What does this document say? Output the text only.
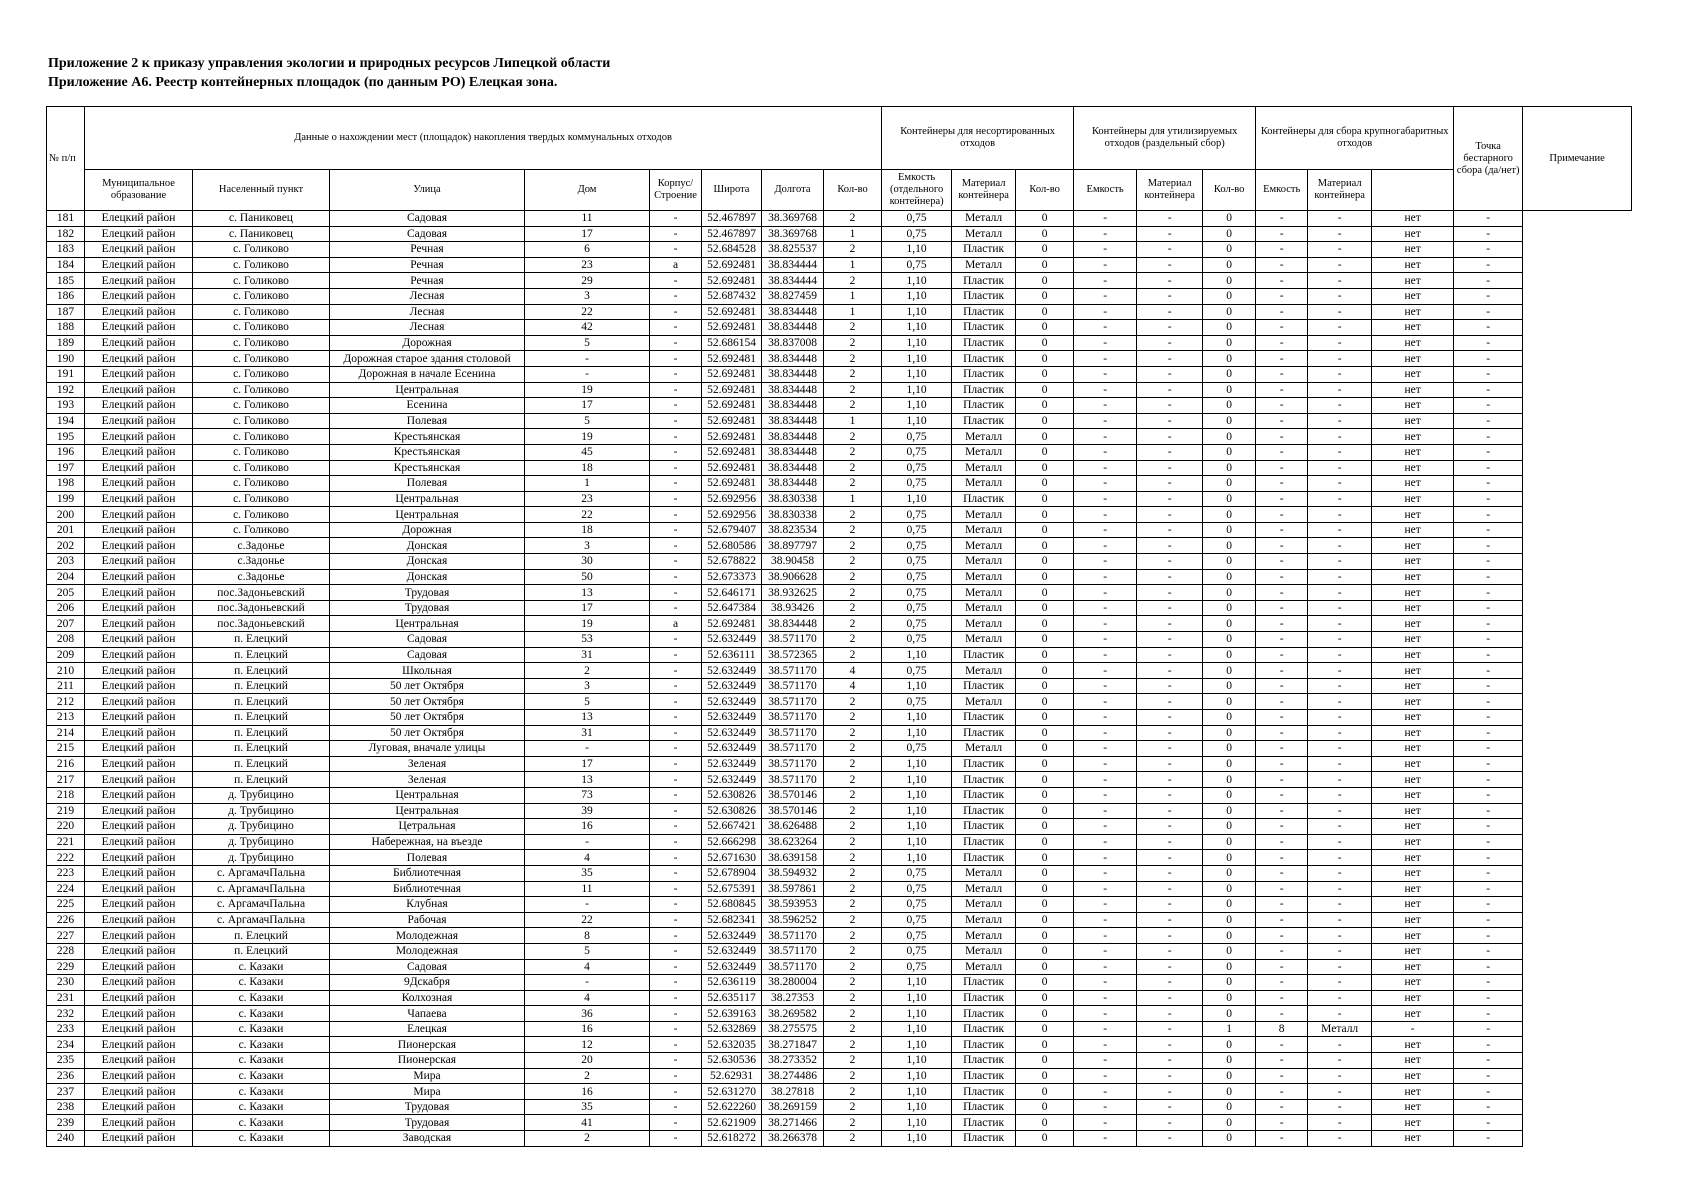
Приложение 2 к приказу управления экологии и природных ресурсов Липецкой области
Приложение А6. Реестр контейнерных площадок (по данным РО) Елецкая зона.
№ п/п	Данные о нахождении мест (площадок) накопления твердых коммунальных отходов								Контейнеры для несортированных отходов			Контейнеры для утилизируемых отходов (раздельный сбор)			Контейнеры для сбора крупногабаритных отходов			Точка бестарного сбора (да/нет)	Примечание
	Муниципальное образование	Населенный пункт	Улица	Дом	Корпус/ Строение	Широта	Долгота	Кол-во	Емкость (отдельного контейнера)	Материал контейнера	Кол-во	Емкость	Материал контейнера	Кол-во	Емкость	Материал контейнера			
181	Елецкий район	с. Паниковец	Садовая	11	-	52.467897	38.369768	2	0,75	Металл	0	-	-	0	-	-	нет	-	
182	Елецкий район	с. Паниковец	Садовая	17	-	52.467897	38.369768	1	0,75	Металл	0	-	-	0	-	-	нет	-	
183	Елецкий район	с. Голиково	Речная	6	-	52.684528	38.825537	2	1,10	Пластик	0	-	-	0	-	-	нет	-	
184	Елецкий район	с. Голиково	Речная	23	а	52.692481	38.834444	1	0,75	Металл	0	-	-	0	-	-	нет	-	
185	Елецкий район	с. Голиково	Речная	29	-	52.692481	38.834444	2	1,10	Пластик	0	-	-	0	-	-	нет	-	
186	Елецкий район	с. Голиково	Лесная	3	-	52.687432	38.827459	1	1,10	Пластик	0	-	-	0	-	-	нет	-	
187	Елецкий район	с. Голиково	Лесная	22	-	52.692481	38.834448	1	1,10	Пластик	0	-	-	0	-	-	нет	-	
188	Елецкий район	с. Голиково	Лесная	42	-	52.692481	38.834448	2	1,10	Пластик	0	-	-	0	-	-	нет	-	
189	Елецкий район	с. Голиково	Дорожная	5	-	52.686154	38.837008	2	1,10	Пластик	0	-	-	0	-	-	нет	-	
190	Елецкий район	с. Голиково	Дорожная старое здания столовой	-	-	52.692481	38.834448	2	1,10	Пластик	0	-	-	0	-	-	нет	-	
191	Елецкий район	с. Голиково	Дорожная в начале Есенина	-	-	52.692481	38.834448	2	1,10	Пластик	0	-	-	0	-	-	нет	-	
192	Елецкий район	с. Голиково	Центральная	19	-	52.692481	38.834448	2	1,10	Пластик	0	-	-	0	-	-	нет	-	
193	Елецкий район	с. Голиково	Есенина	17	-	52.692481	38.834448	2	1,10	Пластик	0	-	-	0	-	-	нет	-	
194	Елецкий район	с. Голиково	Полевая	5	-	52.692481	38.834448	1	1,10	Пластик	0	-	-	0	-	-	нет	-	
195	Елецкий район	с. Голиково	Крестьянская	19	-	52.692481	38.834448	2	0,75	Металл	0	-	-	0	-	-	нет	-	
196	Елецкий район	с. Голиково	Крестьянская	45	-	52.692481	38.834448	2	0,75	Металл	0	-	-	0	-	-	нет	-	
197	Елецкий район	с. Голиково	Крестьянская	18	-	52.692481	38.834448	2	0,75	Металл	0	-	-	0	-	-	нет	-	
198	Елецкий район	с. Голиково	Полевая	1	-	52.692481	38.834448	2	0,75	Металл	0	-	-	0	-	-	нет	-	
199	Елецкий район	с. Голиково	Центральная	23	-	52.692956	38.830338	1	1,10	Пластик	0	-	-	0	-	-	нет	-	
200	Елецкий район	с. Голиково	Центральная	22	-	52.692956	38.830338	2	0,75	Металл	0	-	-	0	-	-	нет	-	
201	Елецкий район	с. Голиково	Дорожная	18	-	52.679407	38.823534	2	0,75	Металл	0	-	-	0	-	-	нет	-	
202	Елецкий район	с.Задонье	Донская	3	-	52.680586	38.897797	2	0,75	Металл	0	-	-	0	-	-	нет	-	
203	Елецкий район	с.Задонье	Донская	30	-	52.678822	38.90458	2	0,75	Металл	0	-	-	0	-	-	нет	-	
204	Елецкий район	с.Задонье	Донская	50	-	52.673373	38.906628	2	0,75	Металл	0	-	-	0	-	-	нет	-	
205	Елецкий район	пос.Задоньевский	Трудовая	13	-	52.646171	38.932625	2	0,75	Металл	0	-	-	0	-	-	нет	-	
206	Елецкий район	пос.Задоньевский	Трудовая	17	-	52.647384	38.93426	2	0,75	Металл	0	-	-	0	-	-	нет	-	
207	Елецкий район	пос.Задоньевский	Центральная	19	а	52.692481	38.834448	2	0,75	Металл	0	-	-	0	-	-	нет	-	
208	Елецкий район	п. Елецкий	Садовая	53	-	52.632449	38.571170	2	0,75	Металл	0	-	-	0	-	-	нет	-	
209	Елецкий район	п. Елецкий	Садовая	31	-	52.636111	38.572365	2	1,10	Пластик	0	-	-	0	-	-	нет	-	
210	Елецкий район	п. Елецкий	Школьная	2	-	52.632449	38.571170	4	0,75	Металл	0	-	-	0	-	-	нет	-	
211	Елецкий район	п. Елецкий	50 лет Октября	3	-	52.632449	38.571170	4	1,10	Пластик	0	-	-	0	-	-	нет	-	
212	Елецкий район	п. Елецкий	50 лет Октября	5	-	52.632449	38.571170	2	0,75	Металл	0	-	-	0	-	-	нет	-	
213	Елецкий район	п. Елецкий	50 лет Октября	13	-	52.632449	38.571170	2	1,10	Пластик	0	-	-	0	-	-	нет	-	
214	Елецкий район	п. Елецкий	50 лет Октября	31	-	52.632449	38.571170	2	1,10	Пластик	0	-	-	0	-	-	нет	-	
215	Елецкий район	п. Елецкий	Луговая, вначале улицы	-	-	52.632449	38.571170	2	0,75	Металл	0	-	-	0	-	-	нет	-	
216	Елецкий район	п. Елецкий	Зеленая	17	-	52.632449	38.571170	2	1,10	Пластик	0	-	-	0	-	-	нет	-	
217	Елецкий район	п. Елецкий	Зеленая	13	-	52.632449	38.571170	2	1,10	Пластик	0	-	-	0	-	-	нет	-	
218	Елецкий район	д. Трубицино	Центральная	73	-	52.630826	38.570146	2	1,10	Пластик	0	-	-	0	-	-	нет	-	
219	Елецкий район	д. Трубицино	Центральная	39	-	52.630826	38.570146	2	1,10	Пластик	0	-	-	0	-	-	нет	-	
220	Елецкий район	д. Трубицино	Цетральная	16	-	52.667421	38.626488	2	1,10	Пластик	0	-	-	0	-	-	нет	-	
221	Елецкий район	д. Трубицино	Набережная, на въезде	-	-	52.666298	38.623264	2	1,10	Пластик	0	-	-	0	-	-	нет	-	
222	Елецкий район	д. Трубицино	Полевая	4	-	52.671630	38.639158	2	1,10	Пластик	0	-	-	0	-	-	нет	-	
223	Елецкий район	с. АргамачПальна	Библиотечная	35	-	52.678904	38.594932	2	0,75	Металл	0	-	-	0	-	-	нет	-	
224	Елецкий район	с. АргамачПальна	Библиотечная	11	-	52.675391	38.597861	2	0,75	Металл	0	-	-	0	-	-	нет	-	
225	Елецкий район	с. АргамачПальна	Клубная	-	-	52.680845	38.593953	2	0,75	Металл	0	-	-	0	-	-	нет	-	
226	Елецкий район	с. АргамачПальна	Рабочая	22	-	52.682341	38.596252	2	0,75	Металл	0	-	-	0	-	-	нет	-	
227	Елецкий район	п. Елецкий	Молодежная	8	-	52.632449	38.571170	2	0,75	Металл	0	-	-	0	-	-	нет	-	
228	Елецкий район	п. Елецкий	Молодежная	5	-	52.632449	38.571170	2	0,75	Металл	0	-	-	0	-	-	нет	-	
229	Елецкий район	с. Казаки	Садовая	4	-	52.632449	38.571170	2	0,75	Металл	0	-	-	0	-	-	нет	-	
230	Елецкий район	с. Казаки	9Дскабря	-	-	52.636119	38.280004	2	1,10	Пластик	0	-	-	0	-	-	нет	-	
231	Елецкий район	с. Казаки	Колхозная	4	-	52.635117	38.27353	2	1,10	Пластик	0	-	-	0	-	-	нет	-	
232	Елецкий район	с. Казаки	Чапаева	36	-	52.639163	38.269582	2	1,10	Пластик	0	-	-	0	-	-	нет	-	
233	Елецкий район	с. Казаки	Елецкая	16	-	52.632869	38.275575	2	1,10	Пластик	0	-	-	1	8	Металл	-	-	
234	Елецкий район	с. Казаки	Пионерская	12	-	52.632035	38.271847	2	1,10	Пластик	0	-	-	0	-	-	нет	-	
235	Елецкий район	с. Казаки	Пионерская	20	-	52.630536	38.273352	2	1,10	Пластик	0	-	-	0	-	-	нет	-	
236	Елецкий район	с. Казаки	Мира	2	-	52.62931	38.274486	2	1,10	Пластик	0	-	-	0	-	-	нет	-	
237	Елецкий район	с. Казаки	Мира	16	-	52.631270	38.27818	2	1,10	Пластик	0	-	-	0	-	-	нет	-	
238	Елецкий район	с. Казаки	Трудовая	35	-	52.622260	38.269159	2	1,10	Пластик	0	-	-	0	-	-	нет	-	
239	Елецкий район	с. Казаки	Трудовая	41	-	52.621909	38.271466	2	1,10	Пластик	0	-	-	0	-	-	нет	-	
240	Елецкий район	с. Казаки	Заводская	2	-	52.618272	38.266378	2	1,10	Пластик	0	-	-	0	-	-	нет	-	
